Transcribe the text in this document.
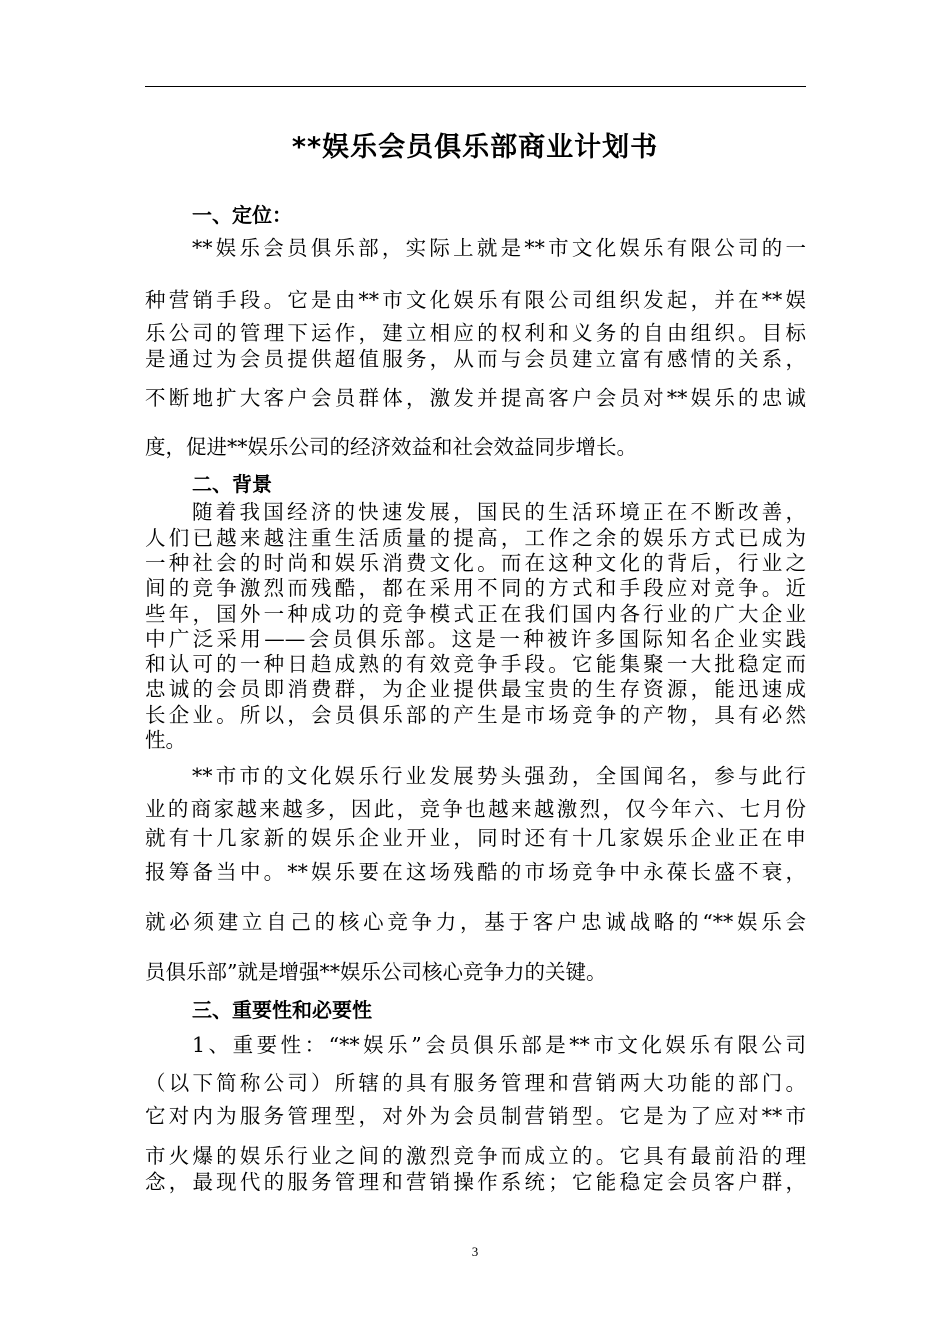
**娱乐会员俱乐部商业计划书
一、定位：
**娱乐会员俱乐部，实际上就是**市文化娱乐有限公司的一
种营销手段。它是由**市文化娱乐有限公司组织发起，并在**娱
乐公司的管理下运作，建立相应的权利和义务的自由组织。目标
是通过为会员提供超值服务，从而与会员建立富有感情的关系，
不断地扩大客户会员群体，激发并提高客户会员对**娱乐的忠诚
度，促进**娱乐公司的经济效益和社会效益同步增长。
二、背景
随着我国经济的快速发展，国民的生活环境正在不断改善，
人们已越来越注重生活质量的提高，工作之余的娱乐方式已成为
一种社会的时尚和娱乐消费文化。而在这种文化的背后，行业之
间的竞争激烈而残酷，都在采用不同的方式和手段应对竞争。近
些年，国外一种成功的竞争模式正在我们国内各行业的广大企业
中广泛采用——会员俱乐部。这是一种被许多国际知名企业实践
和认可的一种日趋成熟的有效竞争手段。它能集聚一大批稳定而
忠诚的会员即消费群，为企业提供最宝贵的生存资源，能迅速成
长企业。所以，会员俱乐部的产生是市场竞争的产物，具有必然
性。
**市市的文化娱乐行业发展势头强劲，全国闻名，参与此行
业的商家越来越多，因此，竞争也越来越激烈，仅今年六、七月份
就有十几家新的娱乐企业开业，同时还有十几家娱乐企业正在申
报筹备当中。**娱乐要在这场残酷的市场竞争中永葆长盛不衰，
就必须建立自己的核心竞争力，基于客户忠诚战略的“**娱乐会
员俱乐部”就是增强**娱乐公司核心竞争力的关键。
三、重要性和必要性
1、重要性：“**娱乐”会员俱乐部是**市文化娱乐有限公司
（以下简称公司）所辖的具有服务管理和营销两大功能的部门。
它对内为服务管理型，对外为会员制营销型。它是为了应对**市
市火爆的娱乐行业之间的激烈竞争而成立的。它具有最前沿的理
念，最现代的服务管理和营销操作系统；它能稳定会员客户群，
3
